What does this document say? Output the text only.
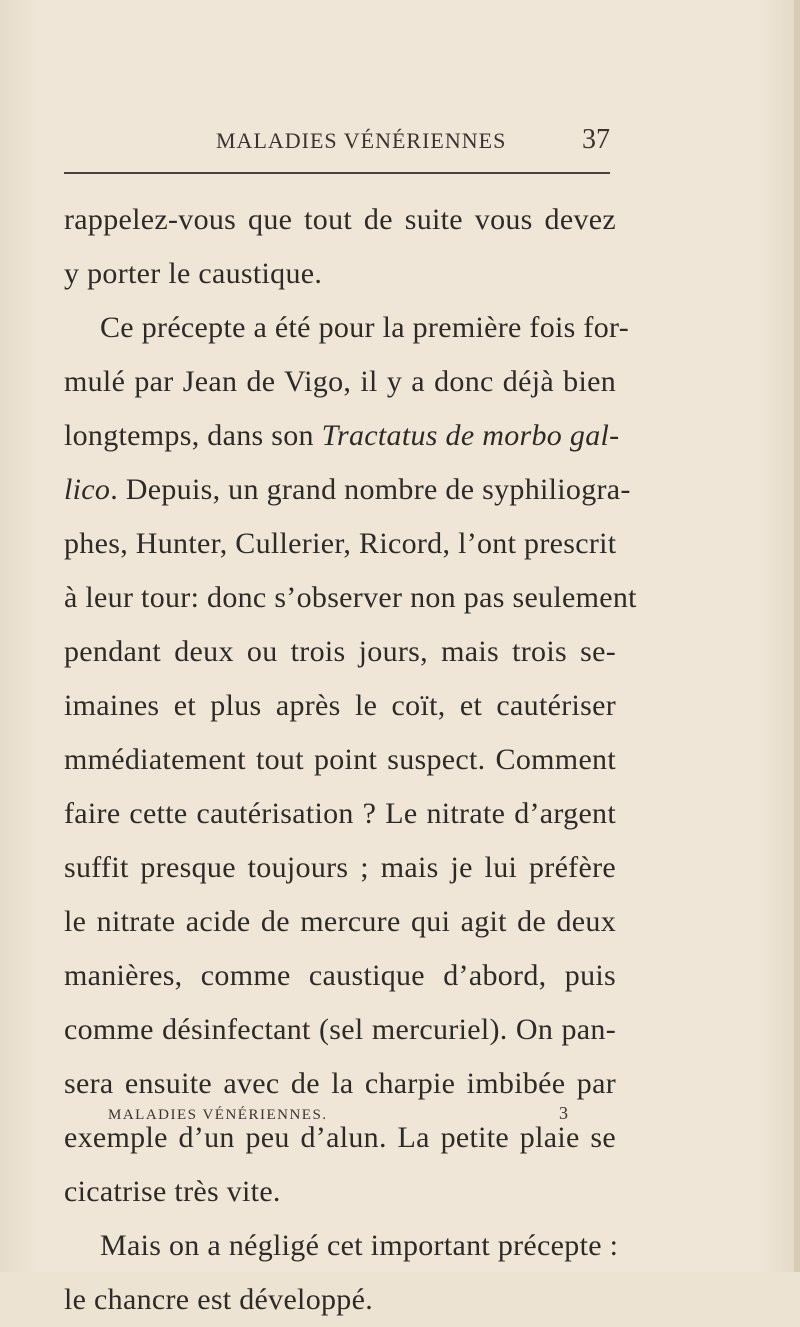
MALADIES VÉNÉRIENNES	37
rappelez-vous que tout de suite vous devez
y porter le caustique.
Ce précepte a été pour la première fois for-
mulé par Jean de Vigo, il y a donc déjà bien
longtemps, dans son Tractatus de morbo gal-
lico. Depuis, un grand nombre de syphiliogra-
phes, Hunter, Cullerier, Ricord, l’ont prescrit
à leur tour: donc s’observer non pas seulement
pendant deux ou trois jours, mais trois se-
imaines et plus après le coït, et cautériser
mmédiatement tout point suspect. Comment
faire cette cautérisation ? Le nitrate d’argent
suffit presque toujours ; mais je lui préfère
le nitrate acide de mercure qui agit de deux
manières, comme caustique d’abord, puis
comme désinfectant (sel mercuriel). On pan-
sera ensuite avec de la charpie imbibée par
exemple d’un peu d’alun. La petite plaie se
cicatrise très vite.
Mais on a négligé cet important précepte :
le chancre est développé.
MALADIES VÉNÉRIENNES.	3
